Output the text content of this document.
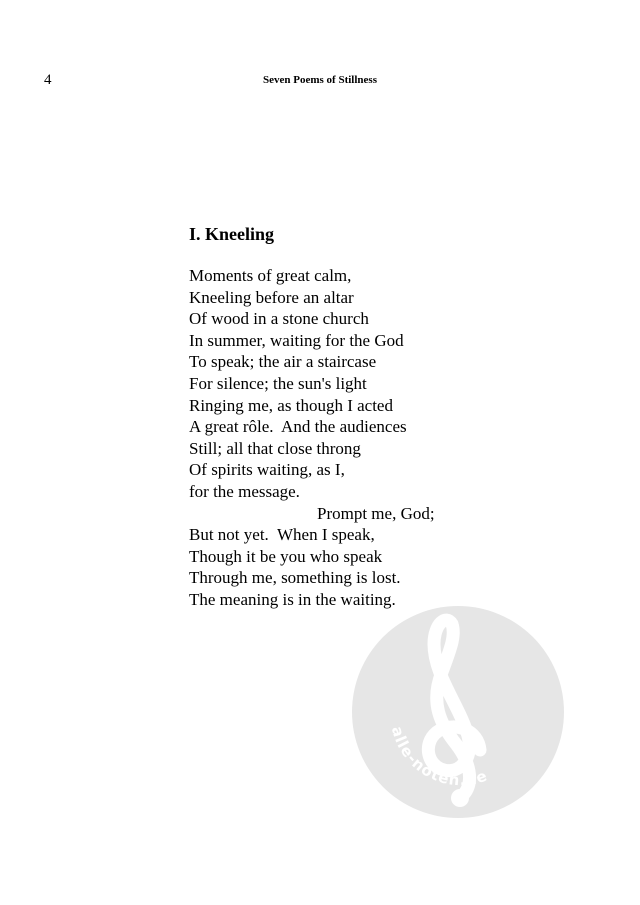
4	Seven Poems of Stillness
I. Kneeling
Moments of great calm,
Kneeling before an altar
Of wood in a stone church
In summer, waiting for the God
To speak; the air a staircase
For silence; the sun's light
Ringing me, as though I acted
A great rôle.  And the audiences
Still; all that close throng
Of spirits waiting, as I,
for the message.
Prompt me, God;
But not yet.  When I speak,
Though it be you who speak
Through me, something is lost.
The meaning is in the waiting.
alle-noten.de
